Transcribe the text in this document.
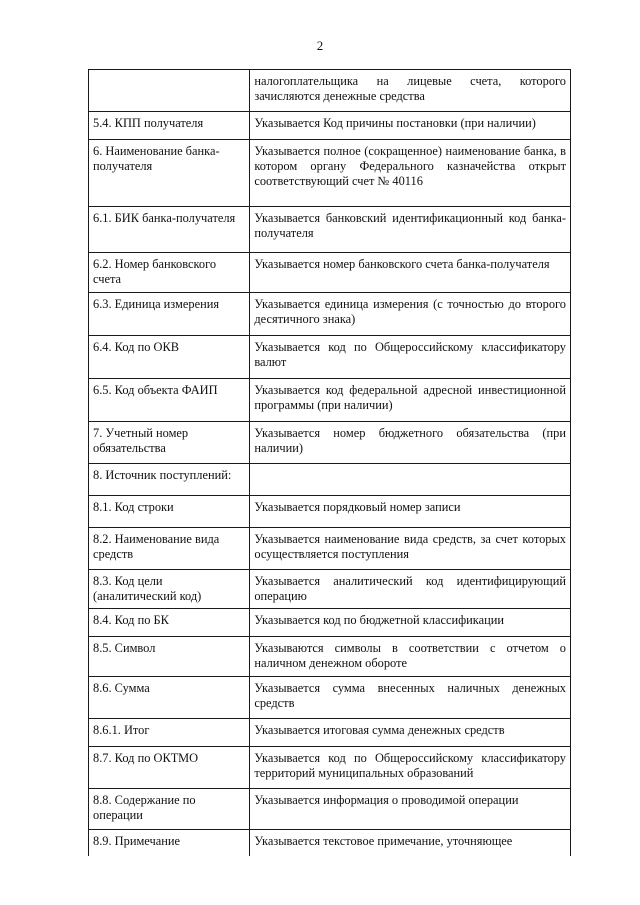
2
	налогоплательщика на лицевые счета, которого зачисляются денежные средства
5.4. КПП получателя	Указывается Код причины постановки (при наличии)
6. Наименование банка-получателя	Указывается полное (сокращенное) наименование банка, в котором органу Федерального казначейства открыт соответствующий счет № 40116
6.1. БИК банка-получателя	Указывается банковский идентификационный код банка-получателя
6.2. Номер банковского счета	Указывается номер банковского счета банка-получателя
6.3. Единица измерения	Указывается единица измерения (с точностью до второго десятичного знака)
6.4. Код по ОКВ	Указывается код по Общероссийскому классификатору валют
6.5. Код объекта ФАИП	Указывается код федеральной адресной инвестиционной программы (при наличии)
7. Учетный номер обязательства	Указывается номер бюджетного обязательства (при наличии)
8. Источник поступлений:	
8.1. Код строки	Указывается порядковый номер записи
8.2. Наименование вида средств	Указывается наименование вида средств, за счет которых осуществляется поступления
8.3. Код цели (аналитический код)	Указывается аналитический код идентифицирующий операцию
8.4. Код по БК	Указывается код по бюджетной классификации
8.5. Символ	Указываются символы в соответствии с отчетом о наличном денежном обороте
8.6. Сумма	Указывается сумма внесенных наличных денежных средств
8.6.1. Итог	Указывается итоговая сумма денежных средств
8.7. Код по ОКТМО	Указывается код по Общероссийскому классификатору территорий муниципальных образований
8.8. Содержание по операции	Указывается информация о проводимой операции
8.9. Примечание	Указывается текстовое примечание, уточняющее
